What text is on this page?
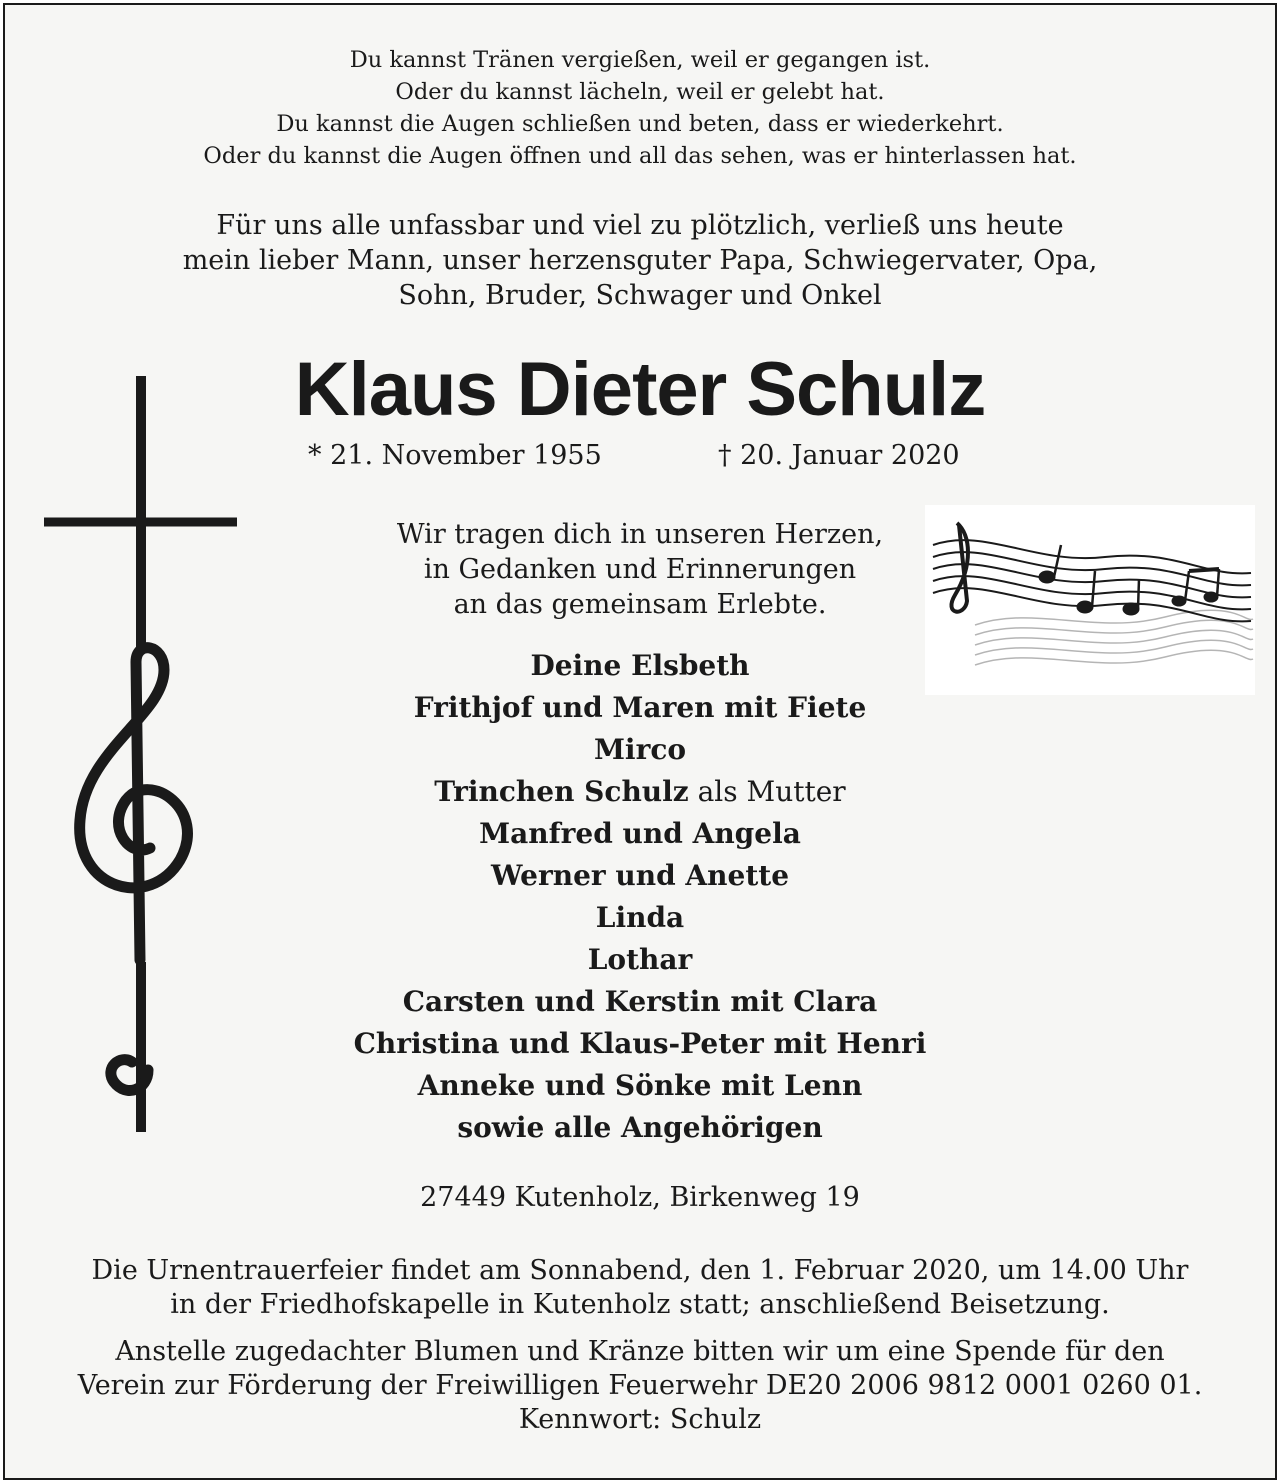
Du kannst Tränen vergießen, weil er gegangen ist.
Oder du kannst lächeln, weil er gelebt hat.
Du kannst die Augen schließen und beten, dass er wiederkehrt.
Oder du kannst die Augen öffnen und all das sehen, was er hinterlassen hat.
Für uns alle unfassbar und viel zu plötzlich, verließ uns heute
mein lieber Mann, unser herzensguter Papa, Schwiegervater, Opa,
Sohn, Bruder, Schwager und Onkel
Klaus Dieter Schulz
* 21. November 1955	† 20. Januar 2020
Wir tragen dich in unseren Herzen,
in Gedanken und Erinnerungen
an das gemeinsam Erlebte.
Deine Elsbeth
Frithjof und Maren mit Fiete
Mirco
Trinchen Schulz als Mutter
Manfred und Angela
Werner und Anette
Linda
Lothar
Carsten und Kerstin mit Clara
Christina und Klaus-Peter mit Henri
Anneke und Sönke mit Lenn
sowie alle Angehörigen
27449 Kutenholz, Birkenweg 19
Die Urnentrauerfeier findet am Sonnabend, den 1. Februar 2020, um 14.00 Uhr
in der Friedhofskapelle in Kutenholz statt; anschließend Beisetzung.
Anstelle zugedachter Blumen und Kränze bitten wir um eine Spende für den
Verein zur Förderung der Freiwilligen Feuerwehr DE20 2006 9812 0001 0260 01.
Kennwort: Schulz
